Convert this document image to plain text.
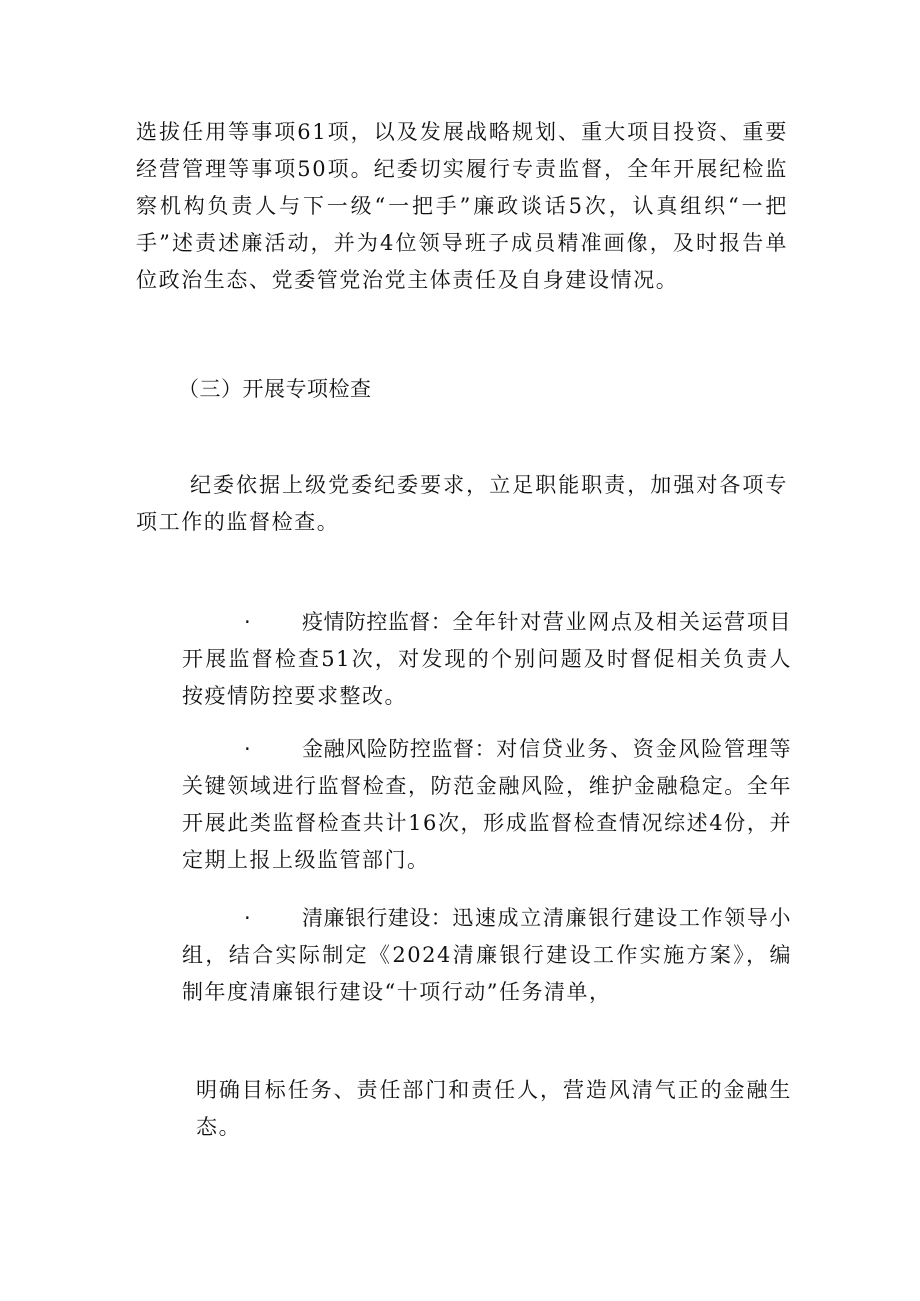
选拔任用等事项61项，以及发展战略规划、重大项目投资、重要经营管理等事项50项。纪委切实履行专责监督，全年开展纪检监察机构负责人与下一级“一把手”廉政谈话5次，认真组织“一把手”述责述廉活动，并为4位领导班子成员精准画像，及时报告单位政治生态、党委管党治党主体责任及自身建设情况。

（三）开展专项检查

纪委依据上级党委纪委要求，立足职能职责，加强对各项专项工作的监督检查。

·	疫情防控监督：全年针对营业网点及相关运营项目开展监督检查51次，对发现的个别问题及时督促相关负责人按疫情防控要求整改。

·	金融风险防控监督：对信贷业务、资金风险管理等关键领域进行监督检查，防范金融风险，维护金融稳定。全年开展此类监督检查共计16次，形成监督检查情况综述4份，并定期上报上级监管部门。

·	清廉银行建设：迅速成立清廉银行建设工作领导小组，结合实际制定《2024清廉银行建设工作实施方案》，编制年度清廉银行建设“十项行动”任务清单，

明确目标任务、责任部门和责任人，营造风清气正的金融生态。
